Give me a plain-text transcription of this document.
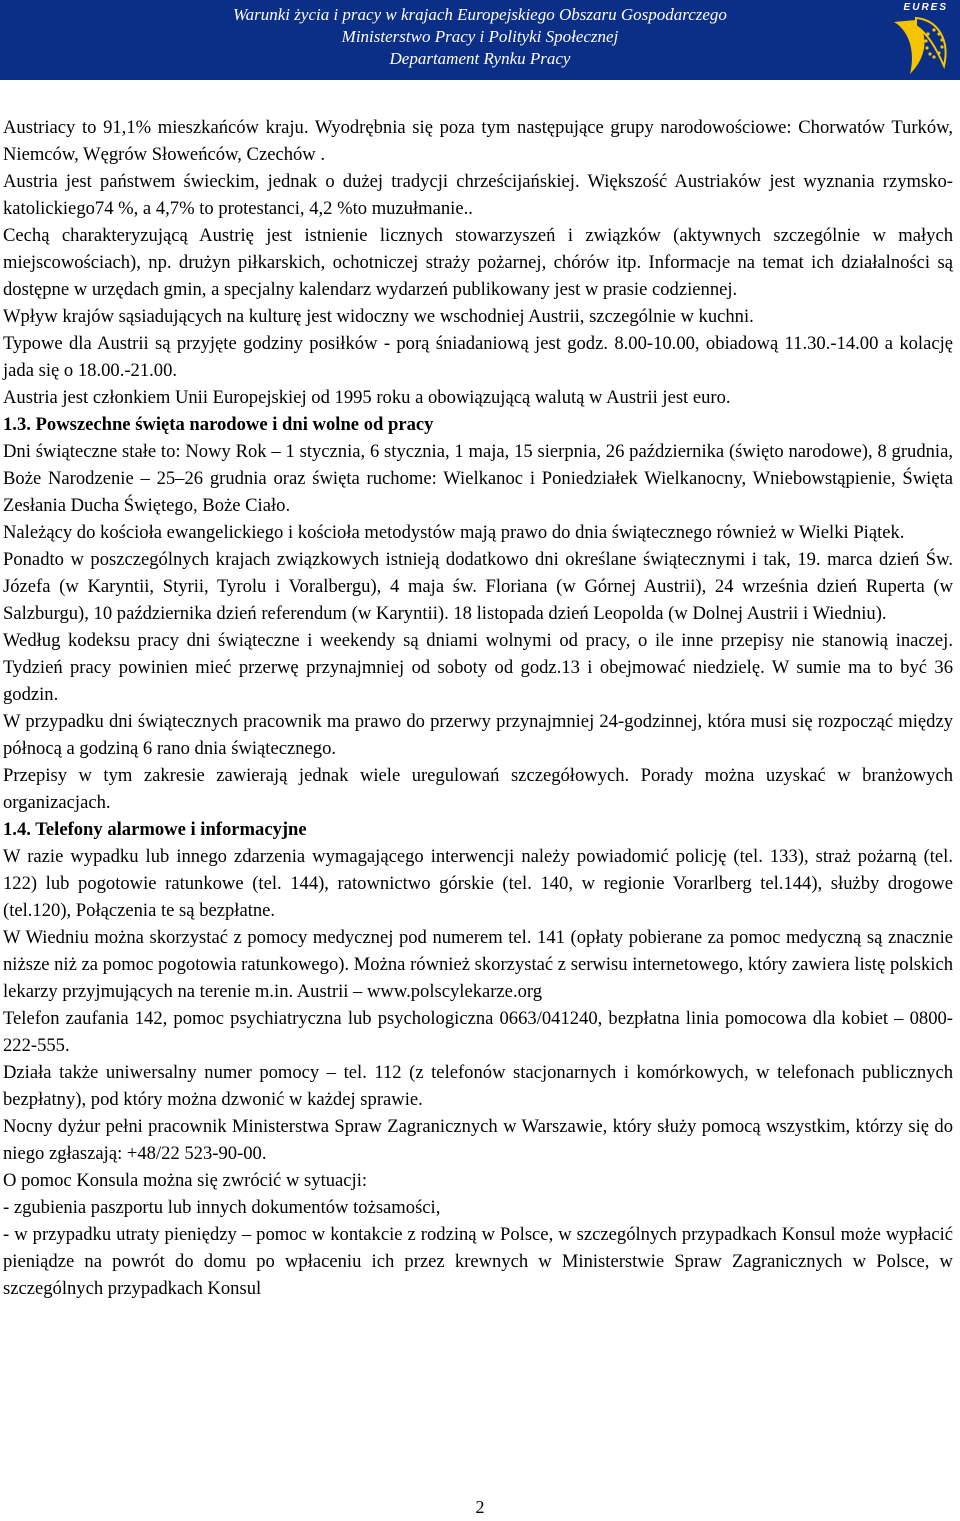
Warunki życia i pracy w krajach Europejskiego Obszaru Gospodarczego
Ministerstwo Pracy i Polityki Społecznej
Departament Rynku Pracy
EURES

Austriacy to 91,1% mieszkańców kraju. Wyodrębnia się poza tym następujące grupy narodowościowe: Chorwatów Turków, Niemców, Węgrów Słoweńców, Czechów .

Austria jest państwem świeckim, jednak o dużej tradycji chrześcijańskiej. Większość Austriaków jest wyznania rzymsko-katolickiego74 %, a 4,7% to protestanci, 4,2 %to muzułmanie..

Cechą charakteryzującą Austrię jest istnienie licznych stowarzyszeń i związków (aktywnych szczególnie w małych miejscowościach), np. drużyn piłkarskich, ochotniczej straży pożarnej, chórów itp. Informacje na temat ich działalności są dostępne w urzędach gmin, a specjalny kalendarz wydarzeń publikowany jest w prasie codziennej.

Wpływ krajów sąsiadujących na kulturę jest widoczny we wschodniej Austrii, szczególnie w kuchni.

Typowe dla Austrii są przyjęte godziny posiłków - porą śniadaniową jest godz. 8.00-10.00, obiadową 11.30.-14.00 a kolację jada się o 18.00.-21.00.

Austria jest członkiem Unii Europejskiej od 1995 roku a obowiązującą walutą w Austrii jest euro.

1.3. Powszechne święta narodowe i dni wolne od pracy

Dni świąteczne stałe to: Nowy Rok – 1 stycznia, 6 stycznia, 1 maja, 15 sierpnia, 26 października (święto narodowe), 8 grudnia, Boże Narodzenie – 25–26 grudnia oraz święta ruchome: Wielkanoc i Poniedziałek Wielkanocny, Wniebowstąpienie, Święta Zesłania Ducha Świętego, Boże Ciało.

Należący do kościoła ewangelickiego i kościoła metodystów mają prawo do dnia świątecznego również w Wielki Piątek.

Ponadto w poszczególnych krajach związkowych istnieją dodatkowo dni określane świątecznymi i tak, 19. marca dzień Św. Józefa (w Karyntii, Styrii, Tyrolu i Voralbergu), 4 maja św. Floriana (w Górnej Austrii), 24 września dzień Ruperta (w Salzburgu), 10 października dzień referendum (w Karyntii). 18 listopada dzień Leopolda (w Dolnej Austrii i Wiedniu).

Według kodeksu pracy dni świąteczne i weekendy są dniami wolnymi od pracy, o ile inne przepisy nie stanowią inaczej. Tydzień pracy powinien mieć przerwę przynajmniej od soboty od godz.13 i obejmować niedzielę. W sumie ma to być 36 godzin.

W przypadku dni świątecznych pracownik ma prawo do przerwy przynajmniej 24-godzinnej, która musi się rozpocząć między północą a godziną 6 rano dnia świątecznego.

Przepisy w tym zakresie zawierają jednak wiele uregulowań szczegółowych. Porady można uzyskać w branżowych organizacjach.

1.4. Telefony alarmowe i informacyjne

W razie wypadku lub innego zdarzenia wymagającego interwencji należy powiadomić policję (tel. 133), straż pożarną (tel. 122) lub pogotowie ratunkowe (tel. 144), ratownictwo górskie (tel. 140, w regionie Vorarlberg tel.144), służby drogowe (tel.120), Połączenia te są bezpłatne.

W Wiedniu można skorzystać z pomocy medycznej pod numerem tel. 141 (opłaty pobierane za pomoc medyczną są znacznie niższe niż za pomoc pogotowia ratunkowego). Można również skorzystać z serwisu internetowego, który zawiera listę polskich lekarzy przyjmujących na terenie m.in. Austrii – www.polscylekarze.org

Telefon zaufania 142, pomoc psychiatryczna lub psychologiczna 0663/041240, bezpłatna linia pomocowa dla kobiet – 0800-222-555.

Działa także uniwersalny numer pomocy – tel. 112 (z telefonów stacjonarnych i komórkowych, w telefonach publicznych bezpłatny), pod który można dzwonić w każdej sprawie.

Nocny dyżur pełni pracownik Ministerstwa Spraw Zagranicznych w Warszawie, który służy pomocą wszystkim, którzy się do niego zgłaszają: +48/22 523-90-00.

O pomoc Konsula można się zwrócić w sytuacji:

- zgubienia paszportu lub innych dokumentów tożsamości,

- w przypadku utraty pieniędzy – pomoc w kontakcie z rodziną w Polsce, w szczególnych przypadkach Konsul może wypłacić pieniądze na powrót do domu po wpłaceniu ich przez krewnych w Ministerstwie Spraw Zagranicznych w Polsce, w szczególnych przypadkach Konsul

2
